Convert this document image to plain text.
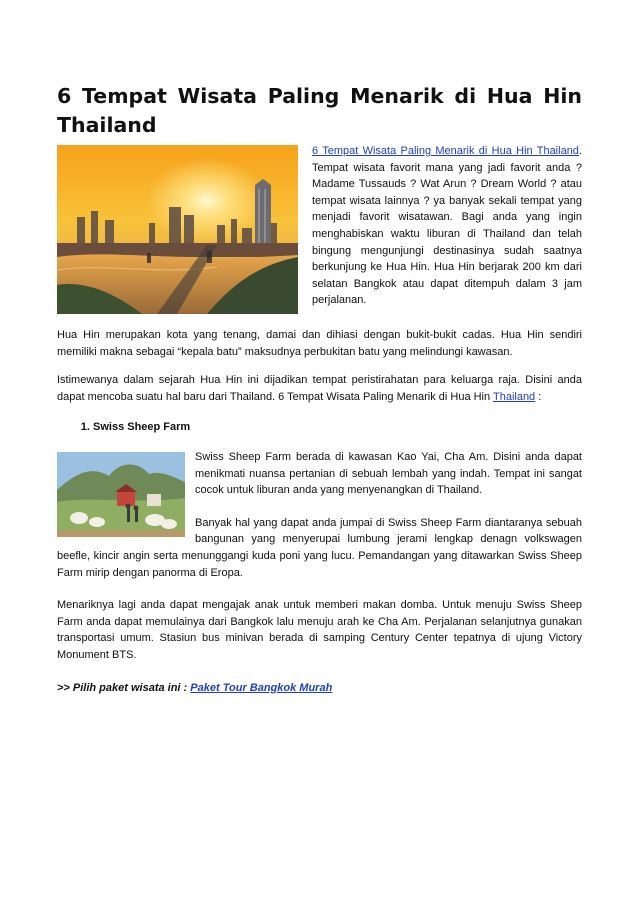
6 Tempat Wisata Paling Menarik di Hua Hin Thailand
6 Tempat Wisata Paling Menarik di Hua Hin Thailand. Tempat wisata favorit mana yang jadi favorit anda ? Madame Tussauds ? Wat Arun ? Dream World ? atau tempat wisata lainnya ? ya banyak sekali tempat yang menjadi favorit wisatawan. Bagi anda yang ingin menghabiskan waktu liburan di Thailand dan telah bingung mengunjungi destinasinya sudah saatnya berkunjung ke Hua Hin. Hua Hin berjarak 200 km dari selatan Bangkok atau dapat ditempuh dalam 3 jam perjalanan.

Hua Hin merupakan kota yang tenang, damai dan dihiasi dengan bukit-bukit cadas. Hua Hin sendiri memiliki makna sebagai “kepala batu” maksudnya perbukitan batu yang melindungi kawasan.

Istimewanya dalam sejarah Hua Hin ini dijadikan tempat peristirahatan para keluarga raja. Disini anda dapat mencoba suatu hal baru dari Thailand. 6 Tempat Wisata Paling Menarik di Hua Hin Thailand :

1. Swiss Sheep Farm
Swiss Sheep Farm berada di kawasan Kao Yai, Cha Am. Disini anda dapat menikmati nuansa pertanian di sebuah lembah yang indah. Tempat ini sangat cocok untuk liburan anda yang menyenangkan di Thailand.
Banyak hal yang dapat anda jumpai di Swiss Sheep Farm diantaranya sebuah bangunan yang menyerupai lumbung jerami lengkap denagn volkswagen beefle, kincir angin serta menunggangi kuda poni yang lucu. Pemandangan yang ditawarkan Swiss Sheep Farm mirip dengan panorma di Eropa.

Menariknya lagi anda dapat mengajak anak untuk memberi makan domba. Untuk menuju Swiss Sheep Farm anda dapat memulainya dari Bangkok lalu menuju arah ke Cha Am. Perjalanan selanjutnya gunakan transportasi umum. Stasiun bus minivan berada di samping Century Center tepatnya di ujung Victory Monument BTS.

>> Pilih paket wisata ini : Paket Tour Bangkok Murah
